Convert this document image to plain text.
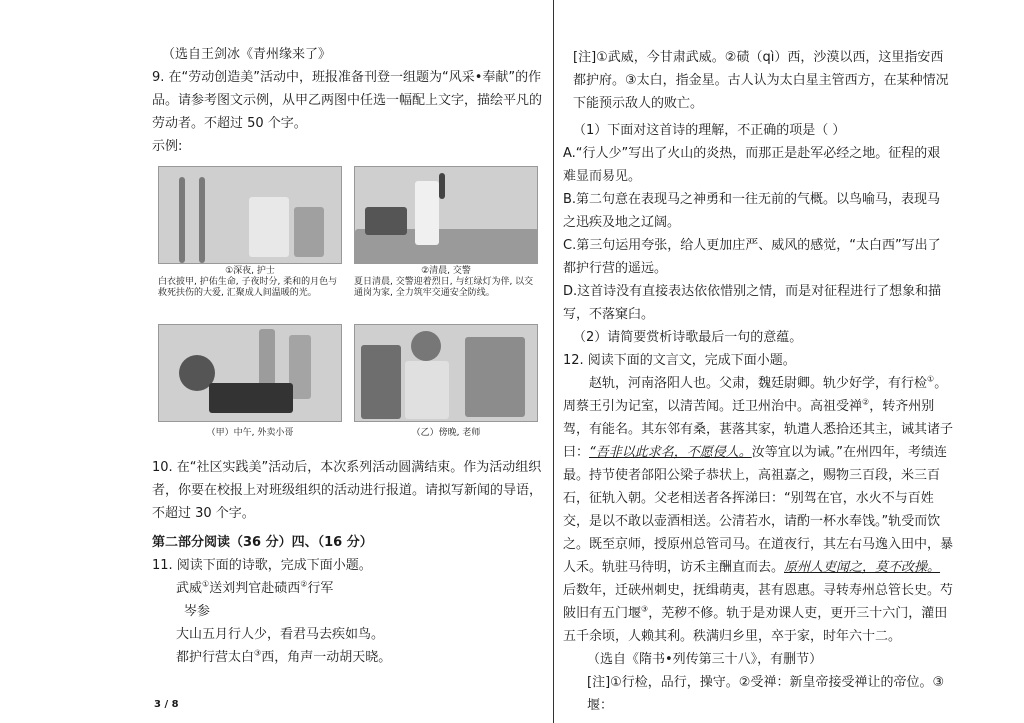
（选自王剑冰《青州缘来了》

9. 在“劳动创造美”活动中，班报准备刊登一组题为“风采•奉献”的作品。请参考图文示例，从甲乙两图中任选一幅配上文字，描绘平凡的劳动者。不超过 50 个字。

示例:

①深夜, 护士
白衣披甲, 护佑生命, 子夜时分, 柔和的月色与救死扶伤的大爱, 汇聚成人间温暖的光。
②清晨, 交警
夏日清晨, 交警迎着烈日, 与红绿灯为伴, 以交通岗为家, 全力筑牢交通安全防线。
（甲）中午, 外卖小哥	（乙）傍晚, 老师

10. 在“社区实践美”活动后，本次系列活动圆满结束。作为活动组织者，你要在校报上对班级组织的活动进行报道。请拟写新闻的导语，不超过 30 个字。

第二部分阅读（36 分）四、（16 分）

11. 阅读下面的诗歌，完成下面小题。

武威①送刘判官赴碛西②行军

岑参

大山五月行人少，看君马去疾如鸟。

都护行营太白③西，角声一动胡天晓。

3 / 8

[注]①武威，今甘肃武威。②碛（qì）西，沙漠以西，这里指安西都护府。③太白，指金星。古人认为太白星主管西方，在某种情况下能预示敌人的败亡。

（1）下面对这首诗的理解，不正确的项是（ ）

A.“行人少”写出了火山的炎热，而那正是赴军必经之地。征程的艰难显而易见。

B.第二句意在表现马之神勇和一往无前的气概。以鸟喻马，表现马之迅疾及地之辽阔。

C.第三句运用夸张，给人更加庄严、威风的感觉，“太白西”写出了都护行营的遥远。

D.这首诗没有直接表达依依惜别之情，而是对征程进行了想象和描写，不落窠臼。

（2）请简要赏析诗歌最后一句的意蕴。

12. 阅读下面的文言文，完成下面小题。

赵轨，河南洛阳人也。父肃，魏廷尉卿。轨少好学，有行检①。周蔡王引为记室，以清苦闻。迁卫州治中。高祖受禅②，转齐州别驾，有能名。其东邻有桑，葚落其家，轨遣人悉拾还其主，诫其诸子曰：“吾非以此求名，不愿侵人。汝等宜以为诫。”在州四年，考绩连最。持节使者郃阳公梁子恭状上，高祖嘉之，赐物三百段，米三百石，征轨入朝。父老相送者各挥涕曰：“别驾在官，水火不与百姓交，是以不敢以壶酒相送。公清若水，请酌一杯水奉饯。”轨受而饮之。既至京师，授原州总管司马。在道夜行，其左右马逸入田中，暴人禾。轨驻马待明，访禾主酬直而去。原州人吏闻之，莫不改操。后数年，迁硖州刺史，抚缉萌夷，甚有恩惠。寻转寿州总管长史。芍陂旧有五门堰③，芜秽不修。轨于是劝课人吏，更开三十六门，灌田五千余顷，人赖其利。秩满归乡里，卒于家，时年六十二。

（选自《隋书•列传第三十八》，有删节）

[注]①行检，品行，操守。②受禅：新皇帝接受禅让的帝位。③堰：
